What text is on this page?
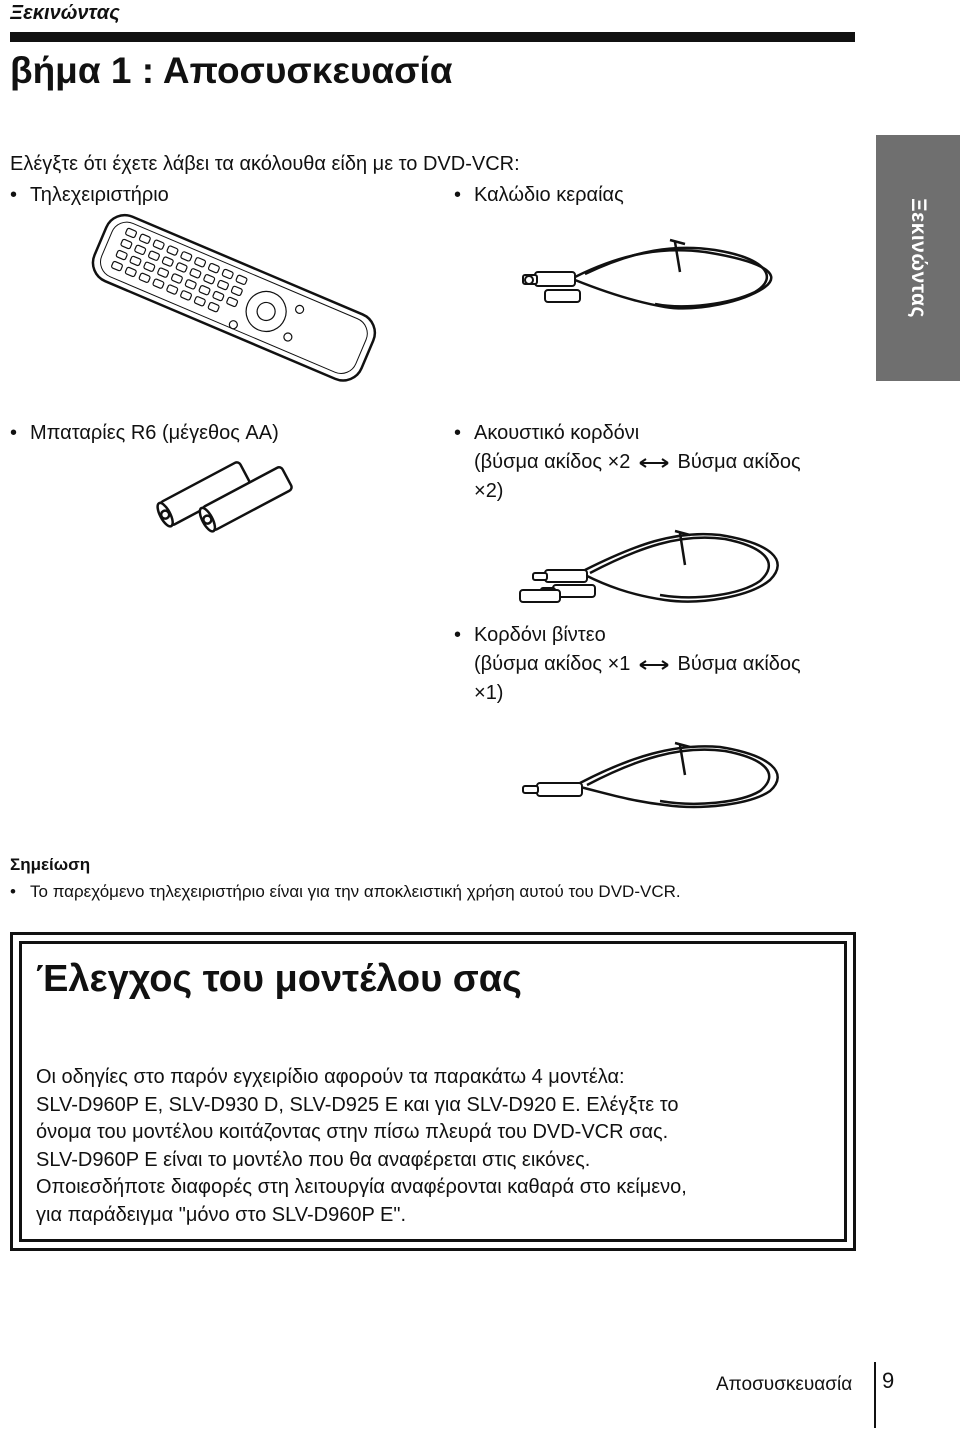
Ξεκινώντας
βήμα 1 : Αποσυσκευασία
Ξεκινώντας
Ελέγξτε ότι έχετε λάβει τα ακόλουθα είδη με το DVD-VCR:
• Τηλεχειριστήριο	• Καλώδιο κεραίας
• Μπαταρίες R6 (μέγεθος AA)	• Ακουστικό κορδόνι
(βύσμα ακίδος ×2 Βύσμα ακίδος
×2)
• Κορδόνι βίντεο
(βύσμα ακίδος ×1 Βύσμα ακίδος
×1)
Σημείωση
• Το παρεχόμενο τηλεχειριστήριο είναι για την αποκλειστική χρήση αυτού του DVD-VCR.
Έλεγχος του μοντέλου σας
Οι οδηγίες στο παρόν εγχειρίδιο αφορούν τα παρακάτω 4 μοντέλα:
SLV-D960P E, SLV-D930 D, SLV-D925 E και για SLV-D920 E. Ελέγξτε το
όνομα του μοντέλου κοιτάζοντας στην πίσω πλευρά του DVD-VCR σας.
SLV-D960P E είναι το μοντέλο που θα αναφέρεται στις εικόνες.
Οποιεσδήποτε διαφορές στη λειτουργία αναφέρονται καθαρά στο κείμενο,
για παράδειγμα "μόνο στο SLV-D960P E".
Αποσυσκευασία 9
